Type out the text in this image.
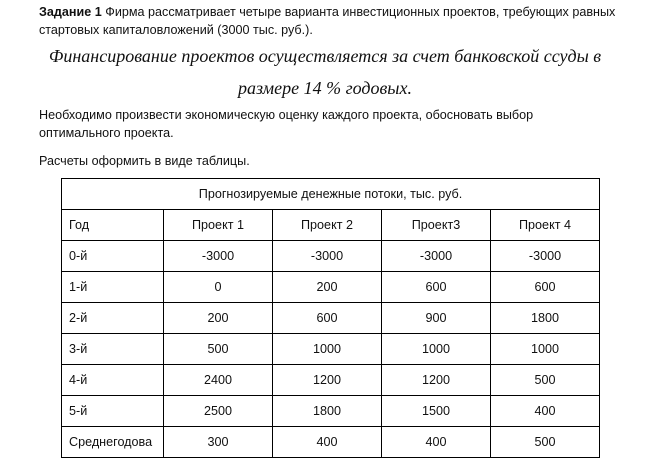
Задание 1 Фирма рассматривает четыре варианта инвестиционных проектов, требующих равных
стартовых капиталовложений (3000 тыс. руб.).
Финансирование проектов осуществляется за счет банковской ссуды в
размере 14 % годовых.
Необходимо произвести экономическую оценку каждого проекта, обосновать выбор
оптимального проекта.
Расчеты оформить в виде таблицы.
Прогнозируемые денежные потоки, тыс. руб.				
Год	Проект 1	Проект 2	Проект3	Проект 4
0-й	-3000	-3000	-3000	-3000
1-й	0	200	600	600
2-й	200	600	900	1800
3-й	500	1000	1000	1000
4-й	2400	1200	1200	500
5-й	2500	1800	1500	400
Среднегодова	300	400	400	500
